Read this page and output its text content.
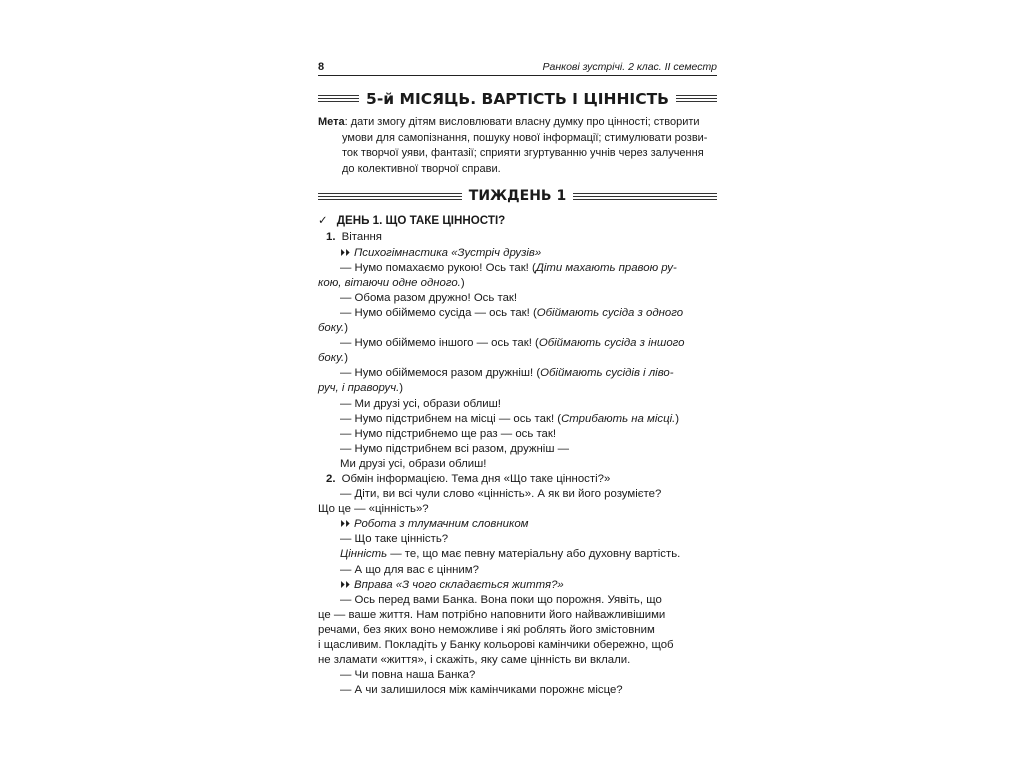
8	Ранкові зустрічі. 2 клас. ІІ семестр
5-й МІСЯЦЬ. ВАРТІСТЬ І ЦІННІСТЬ

Мета: дати змогу дітям висловлювати власну думку про цінності; створити

умови для самопізнання, пошуку нової інформації; стимулювати розви-

ток творчої уяви, фантазії; сприяти згуртуванню учнів через залучення

до колективної творчої справи.

ТИЖДЕНЬ 1
✓ ДЕНЬ 1. ЩО ТАКЕ ЦІННОСТІ?

1. Вітання

⏵⏵ Психогімнастика «Зустріч друзів»

— Нумо помахаємо рукою! Ось так! (Діти махають правою ру-

кою, вітаючи одне одного.)

— Обома разом дружно! Ось так!

— Нумо обіймемо сусіда — ось так! (Обіймають сусіда з одного

боку.)

— Нумо обіймемо іншого — ось так! (Обіймають сусіда з іншого

боку.)

— Нумо обіймемося разом дружніш! (Обіймають сусідів і ліво-

руч, і праворуч.)

— Ми друзі усі, образи облиш!

— Нумо підстрибнем на місці — ось так! (Стрибають на місці.)

— Нумо підстрибнемо ще раз — ось так!

— Нумо підстрибнем всі разом, дружніш —

Ми друзі усі, образи облиш!

2. Обмін інформацією. Тема дня «Що таке цінності?»

— Діти, ви всі чули слово «цінність». А як ви його розумієте?

Що це — «цінність»?

⏵⏵ Робота з тлумачним словником

— Що таке цінність?

Цінність — те, що має певну матеріальну або духовну вартість.

— А що для вас є цінним?

⏵⏵ Вправа «З чого складається життя?»

— Ось перед вами Банка. Вона поки що порожня. Уявіть, що

це — ваше життя. Нам потрібно наповнити його найважливішими

речами, без яких воно неможливе і які роблять його змістовним

і щасливим. Покладіть у Банку кольорові камінчики обережно, щоб

не зламати «життя», і скажіть, яку саме цінність ви вклали.

— Чи повна наша Банка?

— А чи залишилося між камінчиками порожнє місце?
